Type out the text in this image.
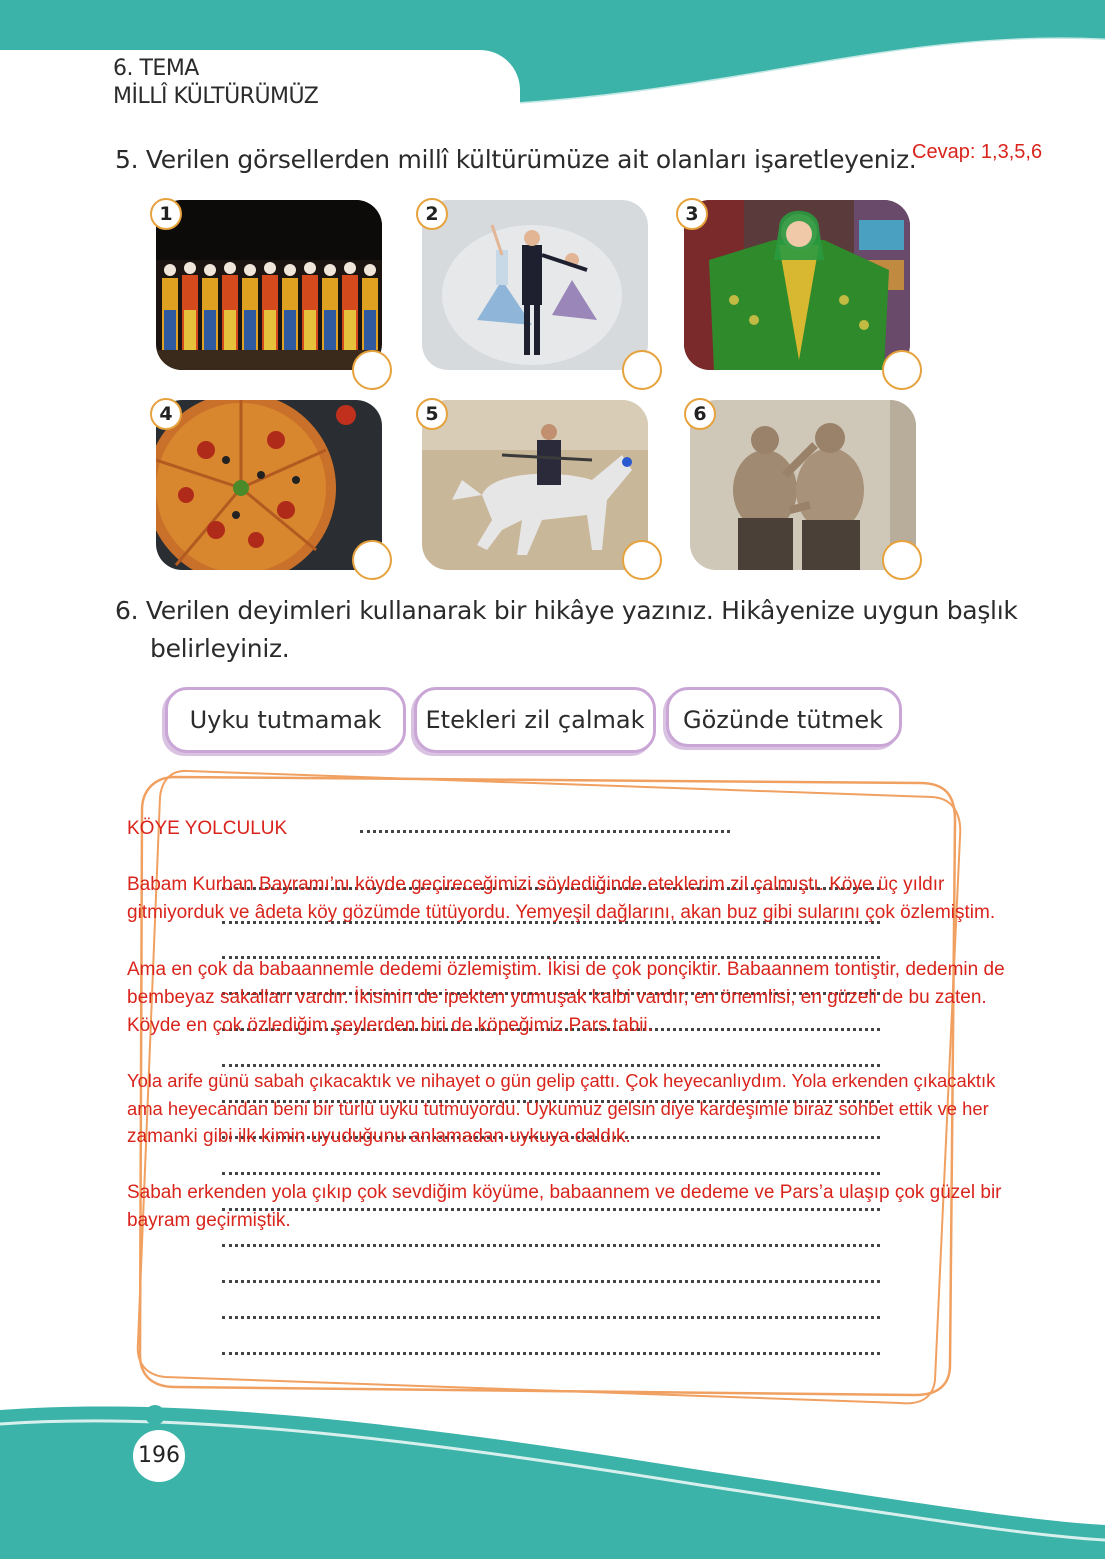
6. TEMA
MİLLÎ KÜLTÜRÜMÜZ
5. Verilen görsellerden millî kültürümüze ait olanları işaretleyeniz.
Cevap: 1,3,5,6
1	2	3
4	5	6
6. Verilen deyimleri kullanarak bir hikâye yazınız. Hikâyenize uygun başlık
belirleyiniz.
Uyku tutmamak	Etekleri zil çalmak	Gözünde tütmek
KÖYE YOLCULUK
Babam Kurban Bayramı’nı köyde geçireceğimizi söylediğinde eteklerim zil çalmıştı. Köye üç yıldır
gitmiyorduk ve âdeta köy gözümde tütüyordu. Yemyeşil dağlarını, akan buz gibi sularını çok özlemiştim.
Ama en çok da babaannemle dedemi özlemiştim. İkisi de çok ponçiktir. Babaannem tontiştir, dedemin de
bembeyaz sakalları vardır. İkisinin de ipekten yumuşak kalbi vardır, en önemlisi, en güzeli de bu zaten.
Köyde en çok özlediğim şeylerden biri de köpeğimiz Pars tabii.
Yola arife günü sabah çıkacaktık ve nihayet o gün gelip çattı. Çok heyecanlıydım. Yola erkenden çıkacaktık
ama heyecandan beni bir türlü uyku tutmuyordu. Uykumuz gelsin diye kardeşimle biraz sohbet ettik ve her
zamanki gibi ilk kimin uyuduğunu anlamadan uykuya daldık.
Sabah erkenden yola çıkıp çok sevdiğim köyüme, babaannem ve dedeme ve Pars’a ulaşıp çok güzel bir
bayram geçirmiştik.
196
